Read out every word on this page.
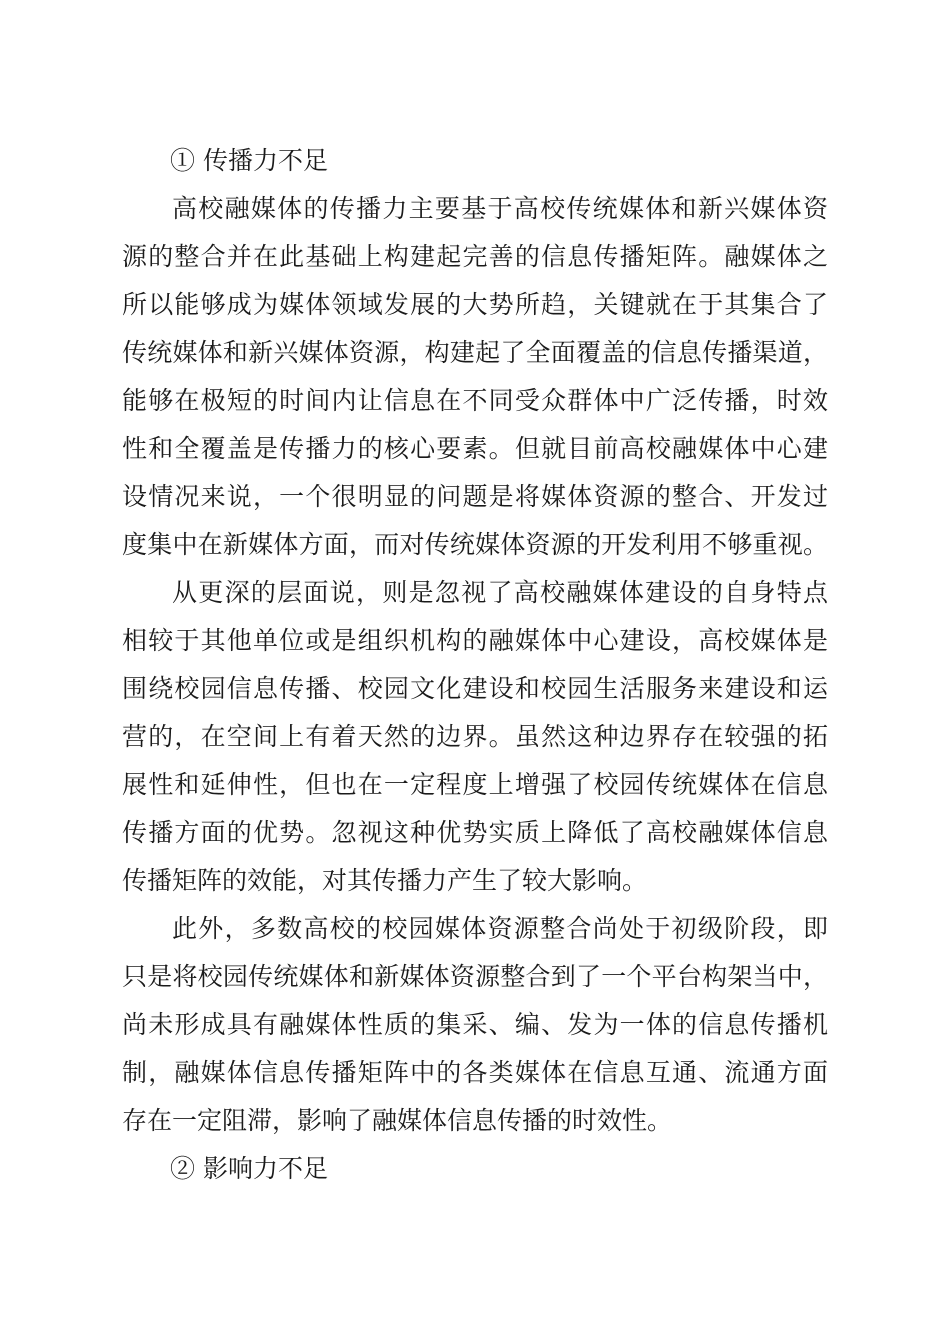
① 传播力不足
高校融媒体的传播力主要基于高校传统媒体和新兴媒体资
源的整合并在此基础上构建起完善的信息传播矩阵。融媒体之
所以能够成为媒体领域发展的大势所趋，关键就在于其集合了
传统媒体和新兴媒体资源，构建起了全面覆盖的信息传播渠道，
能够在极短的时间内让信息在不同受众群体中广泛传播，时效
性和全覆盖是传播力的核心要素。但就目前高校融媒体中心建
设情况来说，一个很明显的问题是将媒体资源的整合、开发过
度集中在新媒体方面，而对传统媒体资源的开发利用不够重视。
从更深的层面说，则是忽视了高校融媒体建设的自身特点
相较于其他单位或是组织机构的融媒体中心建设，高校媒体是
围绕校园信息传播、校园文化建设和校园生活服务来建设和运
营的，在空间上有着天然的边界。虽然这种边界存在较强的拓
展性和延伸性，但也在一定程度上增强了校园传统媒体在信息
传播方面的优势。忽视这种优势实质上降低了高校融媒体信息
传播矩阵的效能，对其传播力产生了较大影响。
此外，多数高校的校园媒体资源整合尚处于初级阶段，即
只是将校园传统媒体和新媒体资源整合到了一个平台构架当中，
尚未形成具有融媒体性质的集采、编、发为一体的信息传播机
制，融媒体信息传播矩阵中的各类媒体在信息互通、流通方面
存在一定阻滞，影响了融媒体信息传播的时效性。
② 影响力不足
